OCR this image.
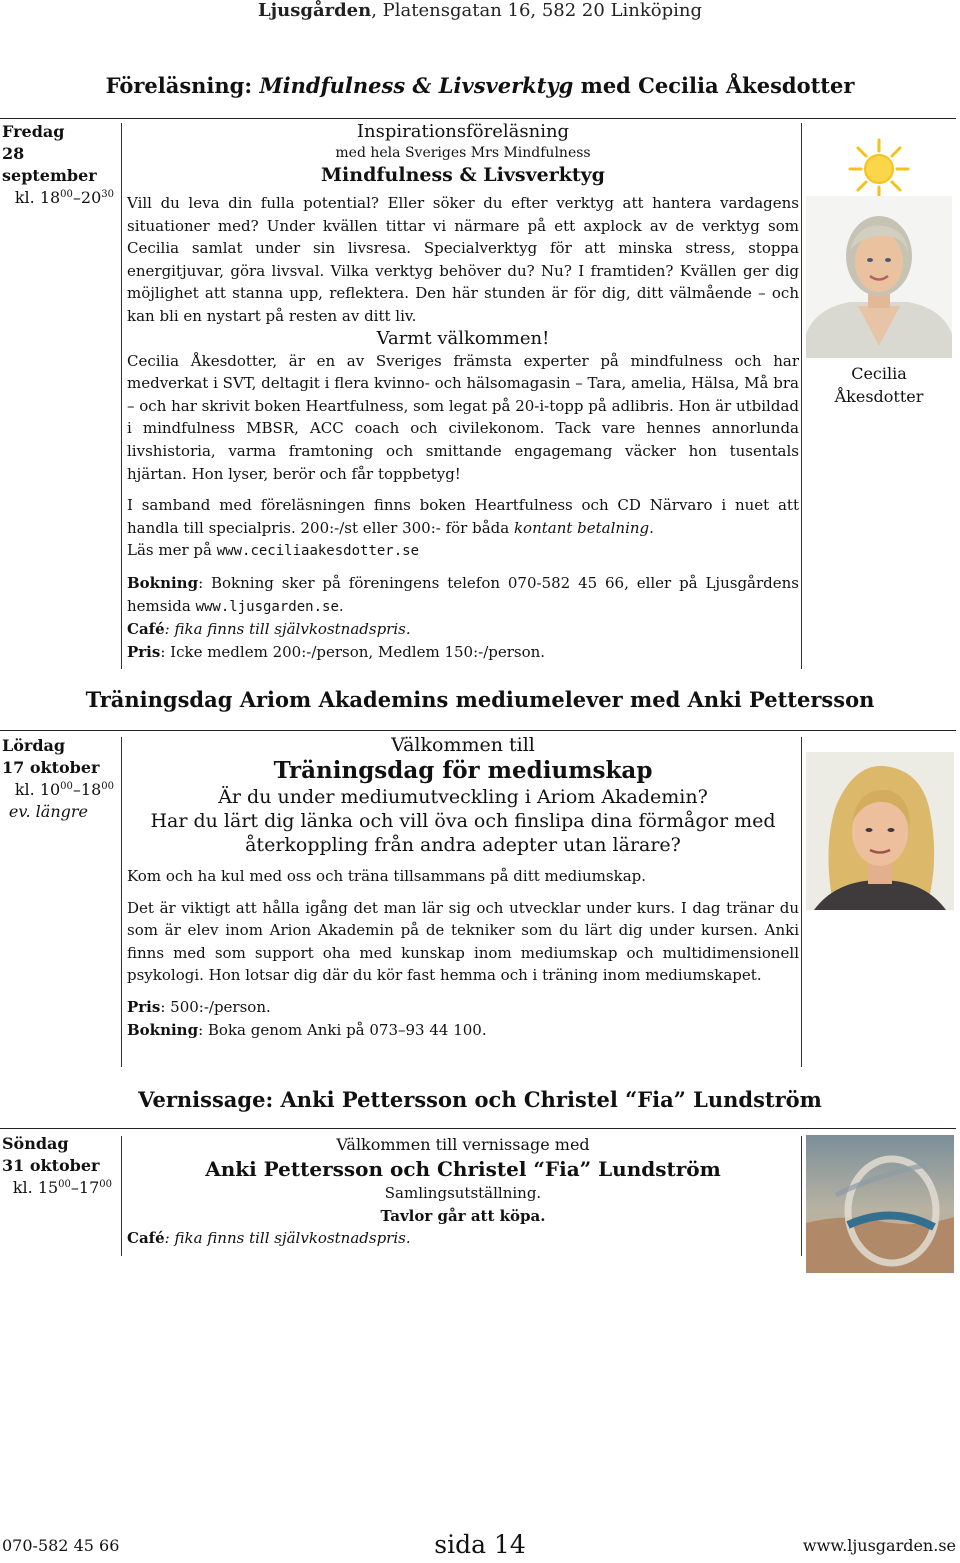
Ljusgården, Platensgatan 16, 582 20 Linköping
Föreläsning: Mindfulness & Livsverktyg med Cecilia Åkesdotter
Fredag
28 september
kl. $18^{00}-20^{30}$

Inspirationsföreläsning

med hela Sveriges Mrs Mindfulness

Mindfulness & Livsverktyg

Vill du leva din fulla potential? Eller söker du efter verktyg att hantera vardagens situationer med? Under kvällen tittar vi närmare på ett axplock av de verktyg som Cecilia samlat under sin livsresa. Specialverktyg för att minska stress, stoppa energitjuvar, göra livsval. Vilka verktyg behöver du? Nu? I framtiden? Kvällen ger dig möjlighet att stanna upp, reflektera. Den här stunden är för dig, ditt välmående – och kan bli en nystart på resten av ditt liv.

Varmt välkommen!

Cecilia Åkesdotter, är en av Sveriges främsta experter på mindfulness och har medverkat i SVT, deltagit i flera kvinno- och hälsomagasin – Tara, amelia, Hälsa, Må bra – och har skrivit boken Heartfulness, som legat på 20-i-topp på adlibris. Hon är utbildad i mindfulness MBSR, ACC coach och civilekonom. Tack vare hennes annorlunda livshistoria, varma framtoning och smittande engagemang väcker hon tusentals hjärtan. Hon lyser, berör och får toppbetyg!

I samband med föreläsningen finns boken Heartfulness och CD Närvaro i nuet att handla till specialpris. 200:-/st eller 300:- för båda kontant betalning.

Läs mer på www.ceciliaakesdotter.se

Bokning: Bokning sker på föreningens telefon 070-582 45 66, eller på Ljusgårdens hemsida www.ljusgarden.se.

Café: fika finns till självkostnadspris.

Pris: Icke medlem 200:-/person, Medlem 150:-/person.

Cecilia
Åkesdotter
Träningsdag Ariom Akademins mediumelever med Anki Pettersson
Lördag
17 oktober
kl. $10^{00}-18^{00}$
ev. längre

Välkommen till

Träningsdag för mediumskap

Är du under mediumutveckling i Ariom Akademin?

Har du lärt dig länka och vill öva och finslipa dina förmågor med återkoppling från andra adepter utan lärare?

Kom och ha kul med oss och träna tillsammans på ditt mediumskap.

Det är viktigt att hålla igång det man lär sig och utvecklar under kurs. I dag tränar du som är elev inom Arion Akademin på de tekniker som du lärt dig under kursen. Anki finns med som support oha med kunskap inom mediumskap och multidimensionell psykologi. Hon lotsar dig där du kör fast hemma och i träning inom mediumskapet.

Pris: 500:-/person.

Bokning: Boka genom Anki på 073–93 44 100.

Vernissage: Anki Pettersson och Christel “Fia” Lundström
Söndag
31 oktober
kl. $15^{00}-17^{00}$

Välkommen till vernissage med

Anki Pettersson och Christel “Fia” Lundström

Samlingsutställning.

Tavlor går att köpa.

Café: fika finns till självkostnadspris.

070-582 45 66	sida 14	www.ljusgarden.se
